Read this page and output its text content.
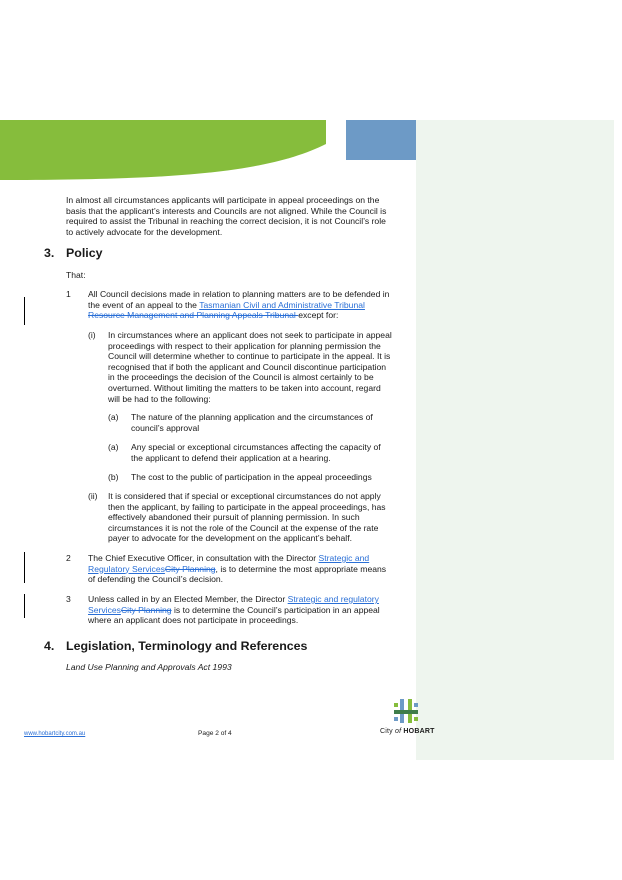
In almost all circumstances applicants will participate in appeal proceedings on the

basis that the applicant’s interests and Councils are not aligned. While the Council is

required to assist the Tribunal in reaching the correct decision, it is not Council’s role

to actively advocate for the development.

3. Policy

That:

1 All Council decisions made in relation to planning matters are to be defended in

the event of an appeal to the Tasmanian Civil and Administrative Tribunal

Resource Management and Planning Appeals Tribunal except for:

(i) In circumstances where an applicant does not seek to participate in appeal

proceedings with respect to their application for planning permission the

Council will determine whether to continue to participate in the appeal. It is

recognised that if both the applicant and Council discontinue participation

in the proceedings the decision of the Council is almost certainly to be

overturned. Without limiting the matters to be taken into account, regard

will be had to the following:

(a) The nature of the planning application and the circumstances of

council’s approval

(a) Any special or exceptional circumstances affecting the capacity of

the applicant to defend their application at a hearing.

(b) The cost to the public of participation in the appeal proceedings

(ii) It is considered that if special or exceptional circumstances do not apply

then the applicant, by failing to participate in the appeal proceedings, has

effectively abandoned their pursuit of planning permission. In such

circumstances it is not the role of the Council at the expense of the rate

payer to advocate for the development on the applicant’s behalf.

2 The Chief Executive Officer, in consultation with the Director Strategic and

Regulatory ServicesCity Planning, is to determine the most appropriate means

of defending the Council’s decision.

3 Unless called in by an Elected Member, the Director Strategic and regulatory

ServicesCity Planning is to determine the Council’s participation in an appeal

where an applicant does not participate in proceedings.

4. Legislation, Terminology and References

Land Use Planning and Approvals Act 1993

www.hobartcity.com.au	Page 2 of 4	City of HOBART
